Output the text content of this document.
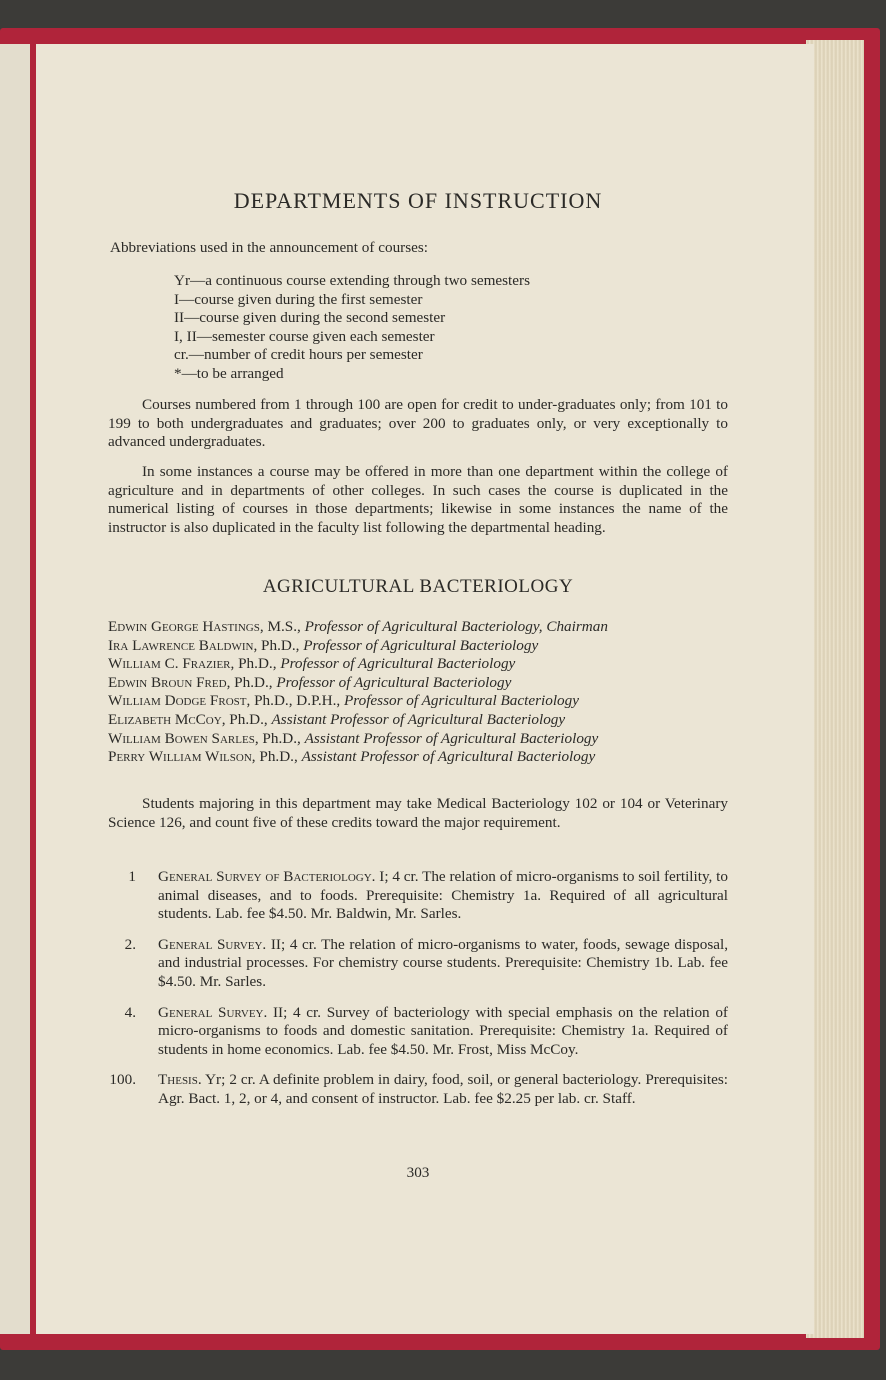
DEPARTMENTS OF INSTRUCTION
Abbreviations used in the announcement of courses:
Yr—a continuous course extending through two semesters
I—course given during the first semester
II—course given during the second semester
I, II—semester course given each semester
cr.—number of credit hours per semester
*—to be arranged

Courses numbered from 1 through 100 are open for credit to under-graduates only; from 101 to 199 to both undergraduates and graduates; over 200 to graduates only, or very exceptionally to advanced undergraduates.

In some instances a course may be offered in more than one department within the college of agriculture and in departments of other colleges. In such cases the course is duplicated in the numerical listing of courses in those departments; likewise in some instances the name of the instructor is also duplicated in the faculty list following the departmental heading.

AGRICULTURAL BACTERIOLOGY
Edwin George Hastings, M.S., Professor of Agricultural Bacteriology, Chairman
Ira Lawrence Baldwin, Ph.D., Professor of Agricultural Bacteriology
William C. Frazier, Ph.D., Professor of Agricultural Bacteriology
Edwin Broun Fred, Ph.D., Professor of Agricultural Bacteriology
William Dodge Frost, Ph.D., D.P.H., Professor of Agricultural Bacteriology
Elizabeth McCoy, Ph.D., Assistant Professor of Agricultural Bacteriology
William Bowen Sarles, Ph.D., Assistant Professor of Agricultural Bacteriology
Perry William Wilson, Ph.D., Assistant Professor of Agricultural Bacteriology

Students majoring in this department may take Medical Bacteriology 102 or 104 or Veterinary Science 126, and count five of these credits toward the major requirement.

1 General Survey of Bacteriology. I; 4 cr. The relation of micro-organisms to soil fertility, to animal diseases, and to foods. Prerequisite: Chemistry 1a. Required of all agricultural students. Lab. fee $4.50. Mr. Baldwin, Mr. Sarles.
2. General Survey. II; 4 cr. The relation of micro-organisms to water, foods, sewage disposal, and industrial processes. For chemistry course students. Prerequisite: Chemistry 1b. Lab. fee $4.50. Mr. Sarles.
4. General Survey. II; 4 cr. Survey of bacteriology with special emphasis on the relation of micro-organisms to foods and domestic sanitation. Prerequisite: Chemistry 1a. Required of students in home economics. Lab. fee $4.50. Mr. Frost, Miss McCoy.
100. Thesis. Yr; 2 cr. A definite problem in dairy, food, soil, or general bacteriology. Prerequisites: Agr. Bact. 1, 2, or 4, and consent of instructor. Lab. fee $2.25 per lab. cr. Staff.
303
